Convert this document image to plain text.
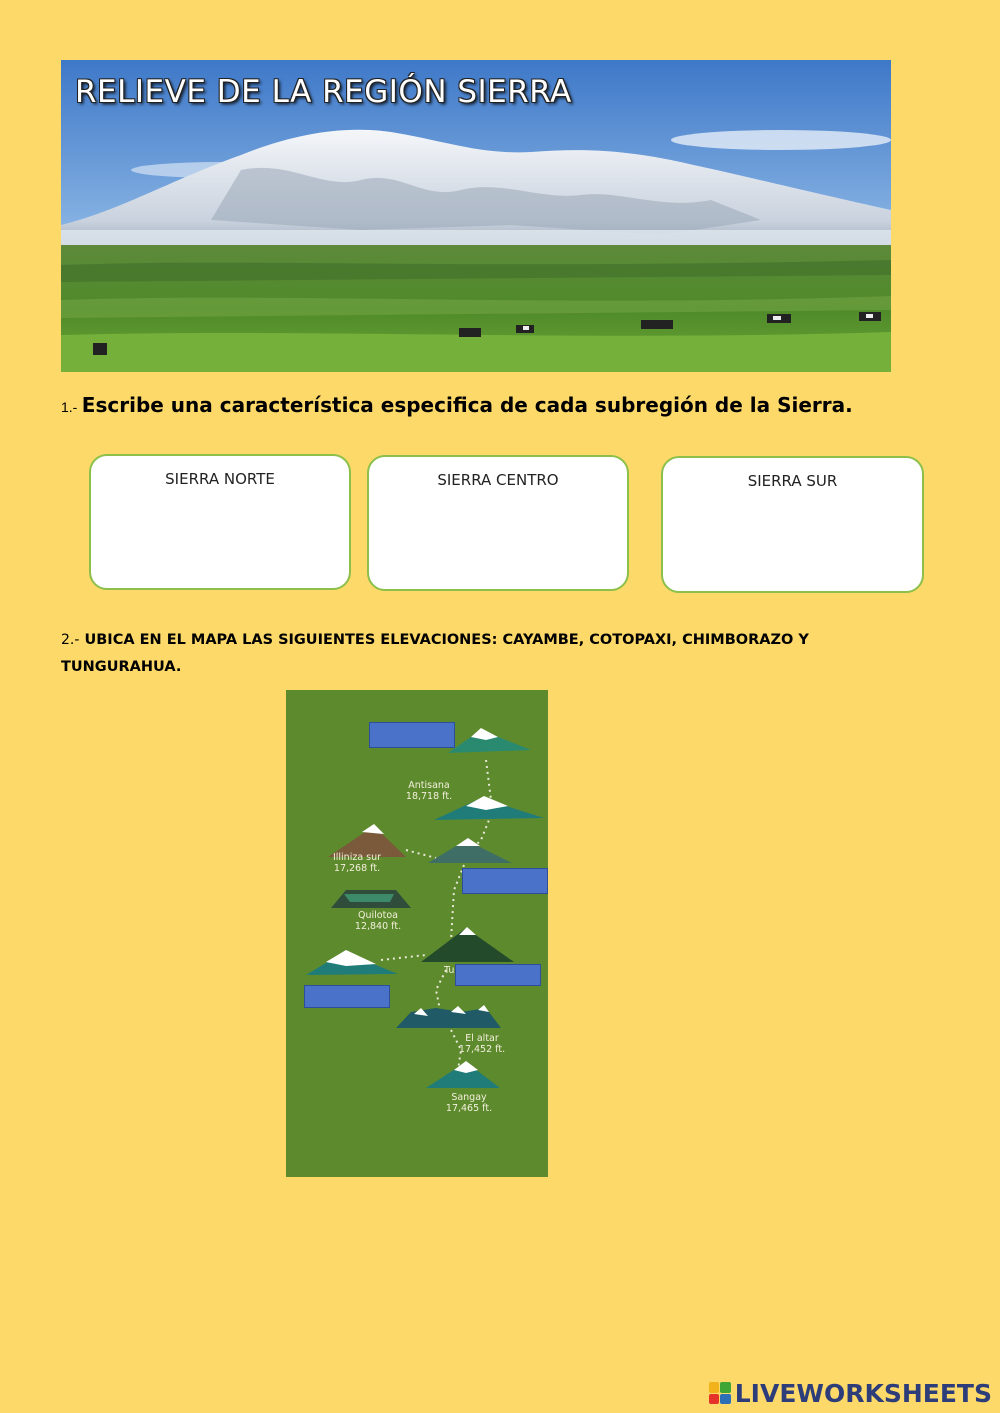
RELIEVE DE LA REGIÓN SIERRA
1.- Escribe una característica especifica de cada subregión de la Sierra.
SIERRA NORTE	SIERRA CENTRO	SIERRA SUR
2.- UBICA EN EL MAPA LAS SIGUIENTES ELEVACIONES: CAYAMBE, COTOPAXI, CHIMBORAZO Y TUNGURAHUA.
Antisana
18,718 ft.
Illiniza sur
17,268 ft.
Quilotoa
12,840 ft.
Tu
El altar
17,452 ft.
Sangay
17,465 ft.
LIVEWORKSHEETS
